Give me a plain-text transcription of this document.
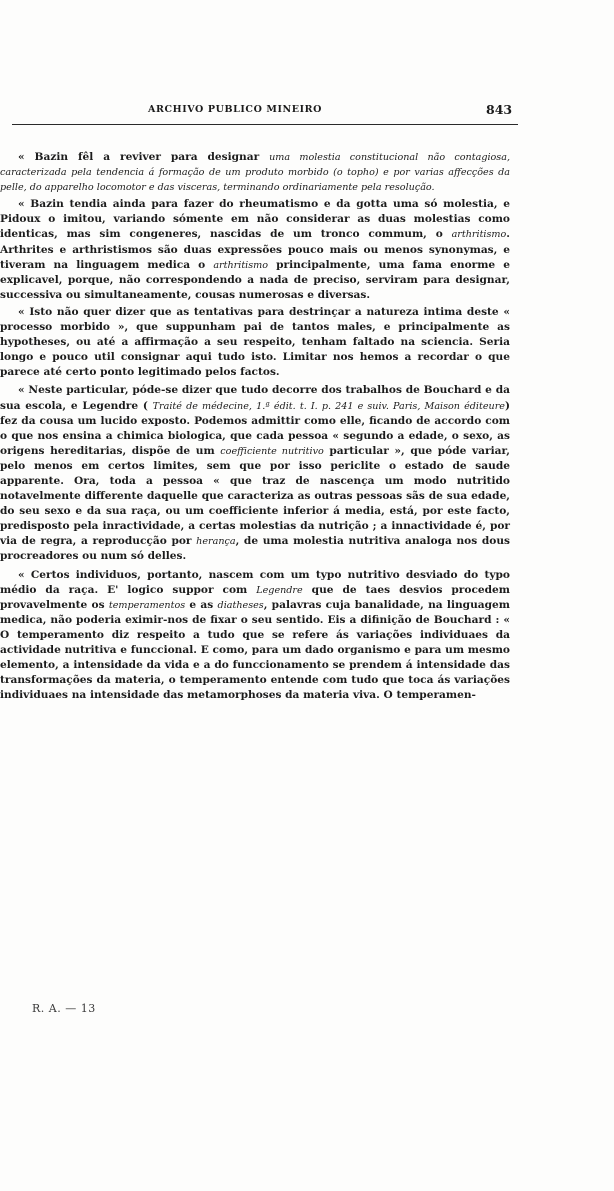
ARCHIVO PUBLICO MINEIRO	843

« Bazin fêl a reviver para designar uma molestia constitucional não contagiosa, caracterizada pela tendencia á formação de um produto morbido (o topho) e por varias affecções da pelle, do apparelho locomotor e das visceras, terminando ordinariamente pela resolução.

« Bazin tendia ainda para fazer do rheumatismo e da gotta uma só molestia, e Pidoux o imitou, variando sómente em não considerar as duas molestias como identicas, mas sim congeneres, nascidas de um tronco commum, o arthritismo. Arthrites e arthristismos são duas expressões pouco mais ou menos synonymas, e tiveram na linguagem medica o arthritismo principalmente, uma fama enorme e explicavel, porque, não correspondendo a nada de preciso, serviram para designar, successiva ou simultaneamente, cousas numerosas e diversas.

« Isto não quer dizer que as tentativas para destrinçar a natureza intima deste « processo morbido », que suppunham pai de tantos males, e principalmente as hypotheses, ou até a affirmação a seu respeito, tenham faltado na sciencia. Seria longo e pouco util consignar aqui tudo isto. Limitar nos hemos a recordar o que parece até certo ponto legitimado pelos factos.

« Neste particular, póde-se dizer que tudo decorre dos trabalhos de Bouchard e da sua escola, e Legendre ( Traité de médecine, 1.ª édit. t. I. p. 241 e suiv. Paris, Maison éditeure) fez da cousa um lucido exposto. Podemos admittir como elle, ficando de accordo com o que nos ensina a chimica biologica, que cada pessoa « segundo a edade, o sexo, as origens hereditarias, dispõe de um coefficiente nutritivo particular », que póde variar, pelo menos em certos limites, sem que por isso periclite o estado de saude apparente. Ora, toda a pessoa « que traz de nascença um modo nutritido notavelmente differente daquelle que caracteriza as outras pessoas sãs de sua edade, do seu sexo e da sua raça, ou um coefficiente inferior á media, está, por este facto, predisposto pela inractividade, a certas molestias da nutrição ; a innactividade é, por via de regra, a reproducção por herança, de uma molestia nutritiva analoga nos dous procreadores ou num só delles.

« Certos individuos, portanto, nascem com um typo nutritivo desviado do typo médio da raça. E' logico suppor com Legendre que de taes desvios procedem provavelmente os temperamentos e as diatheses, palavras cuja banalidade, na linguagem medica, não poderia eximir-nos de fixar o seu sentido. Eis a difinição de Bouchard : « O temperamento diz respeito a tudo que se refere ás variações individuaes da actividade nutritiva e funccional. E como, para um dado organismo e para um mesmo elemento, a intensidade da vida e a do funccionamento se prendem á intensidade das transformações da materia, o temperamento entende com tudo que toca ás variações individuaes na intensidade das metamorphoses da materia viva. O temperamen-

R. A. — 13
